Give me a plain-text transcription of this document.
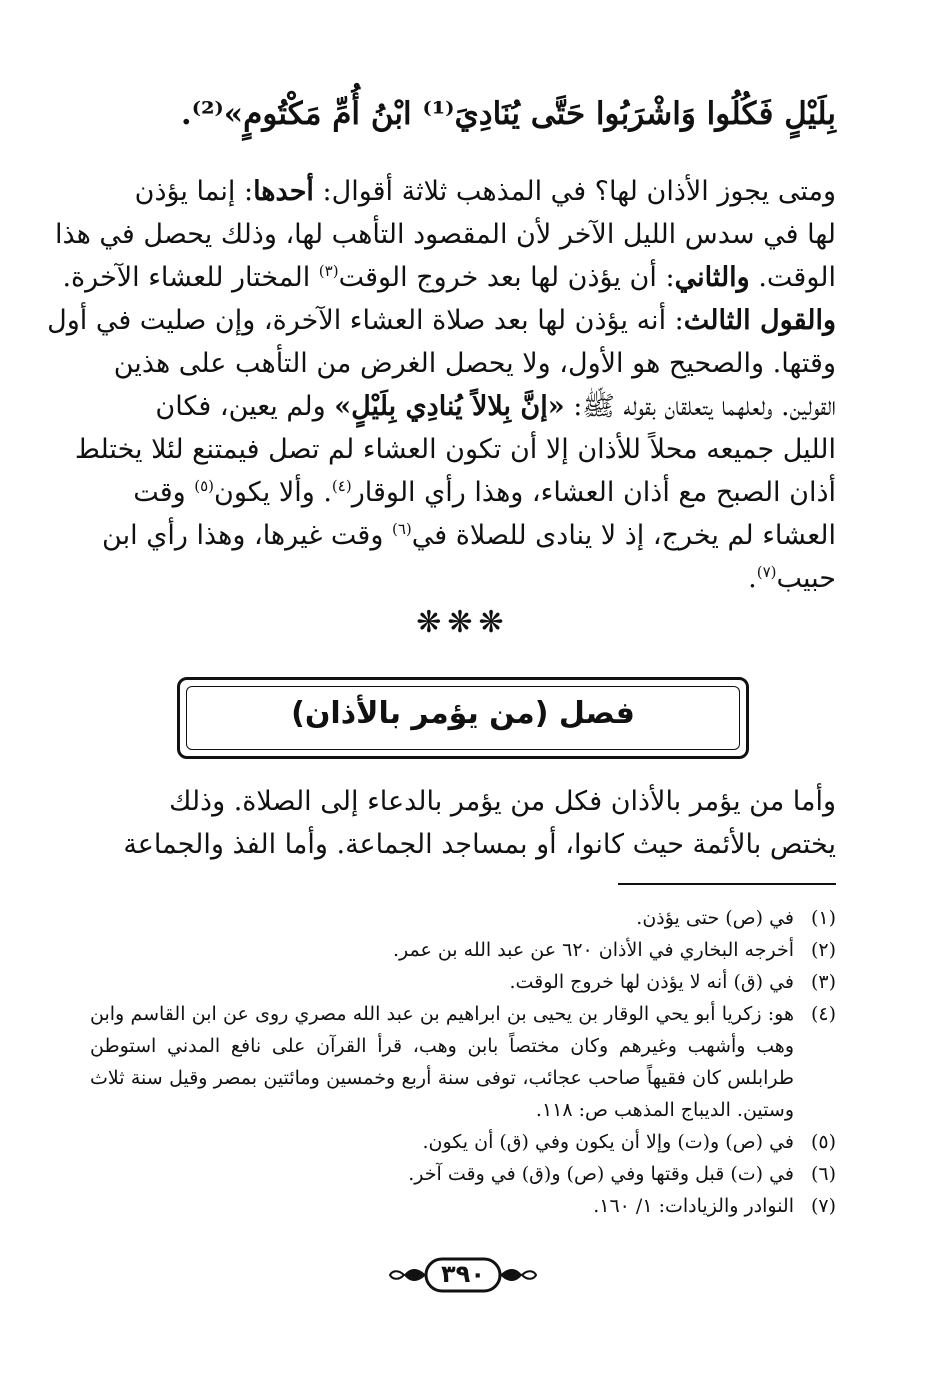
بِلَيْلٍ فَكُلُوا وَاشْرَبُوا حَتَّى يُنَادِيَ⁽¹⁾ ابْنُ أُمِّ مَكْتُومٍ»⁽²⁾.
ومتى يجوز الأذان لها؟ في المذهب ثلاثة أقوال: أحدها: إنما يؤذن
لها في سدس الليل الآخر لأن المقصود التأهب لها، وذلك يحصل في هذا
الوقت. والثاني: أن يؤذن لها بعد خروج الوقت$^{(٣)}$ المختار للعشاء الآخرة.
والقول الثالث: أنه يؤذن لها بعد صلاة العشاء الآخرة، وإن صليت في أول
وقتها. والصحيح هو الأول، ولا يحصل الغرض من التأهب على هذين
القولين. ولعلهما يتعلقان بقوله ﷺ: «إنَّ بِلالاً يُنادِي بِلَيْلٍ» ولم يعين، فكان
الليل جميعه محلاً للأذان إلا أن تكون العشاء لم تصل فيمتنع لئلا يختلط
أذان الصبح مع أذان العشاء، وهذا رأي الوقار$^{(٤)}$. وألا يكون$^{(٥)}$ وقت
العشاء لم يخرج، إذ لا ينادى للصلاة في$^{(٦)}$ وقت غيرها، وهذا رأي ابن
حبيب$^{(٧)}$.
❋❋❋
فصل (من يؤمر بالأذان)
وأما من يؤمر بالأذان فكل من يؤمر بالدعاء إلى الصلاة. وذلك
يختص بالأئمة حيث كانوا، أو بمساجد الجماعة. وأما الفذ والجماعة
(١)
في (ص) حتى يؤذن.
(٢)
أخرجه البخاري في الأذان ٦٢٠ عن عبد الله بن عمر.
(٣)
في (ق) أنه لا يؤذن لها خروج الوقت.
(٤)
هو: زكريا أبو يحي الوقار بن يحيى بن ابراهيم بن عبد الله مصري روى عن ابن القاسم وابن وهب وأشهب وغيرهم وكان مختصاً بابن وهب، قرأ القرآن على نافع المدني استوطن طرابلس كان فقيهاً صاحب عجائب، توفى سنة أربع وخمسين ومائتين بمصر وقيل سنة ثلاث وستين. الديباج المذهب ص: ١١٨.
(٥)
في (ص) و(ت) وإلا أن يكون وفي (ق) أن يكون.
(٦)
في (ت) قبل وقتها وفي (ص) و(ق) في وقت آخر.
(٧)
النوادر والزيادات: ١/ ١٦٠.
٣٩٠
